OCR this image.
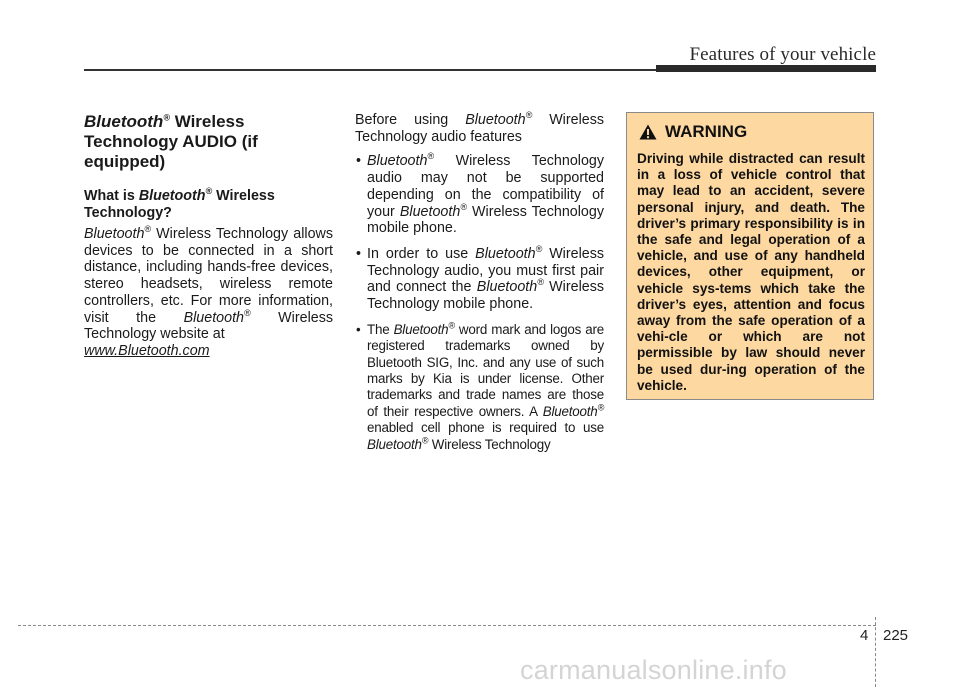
Features of your vehicle
Bluetooth® Wireless Technology AUDIO (if equipped)
What is Bluetooth® Wireless Technology?

Bluetooth® Wireless Technology allows devices to be connected in a short distance, including hands-free devices, stereo headsets, wireless remote controllers, etc. For more information, visit the Bluetooth® Wireless Technology website at

www.Bluetooth.com

Before using Bluetooth® Wireless Technology audio features

• Bluetooth® Wireless Technology audio may not be supported depending on the compatibility of your Bluetooth® Wireless Technology mobile phone.
• In order to use Bluetooth® Wireless Technology audio, you must first pair and connect the Bluetooth® Wireless Technology mobile phone.
• The Bluetooth® word mark and logos are registered trademarks owned by Bluetooth SIG, Inc. and any use of such marks by Kia is under license. Other trademarks and trade names are those of their respective owners. A Bluetooth® enabled cell phone is required to use Bluetooth® Wireless Technology
WARNING

Driving while distracted can result in a loss of vehicle control that may lead to an accident, severe personal injury, and death. The driver’s primary responsibility is in the safe and legal operation of a vehicle, and use of any handheld devices, other equipment, or vehicle sys-tems which take the driver’s eyes, attention and focus away from the safe operation of a vehi-cle or which are not permissible by law should never be used dur-ing operation of the vehicle.

4 225
carmanualsonline.info
